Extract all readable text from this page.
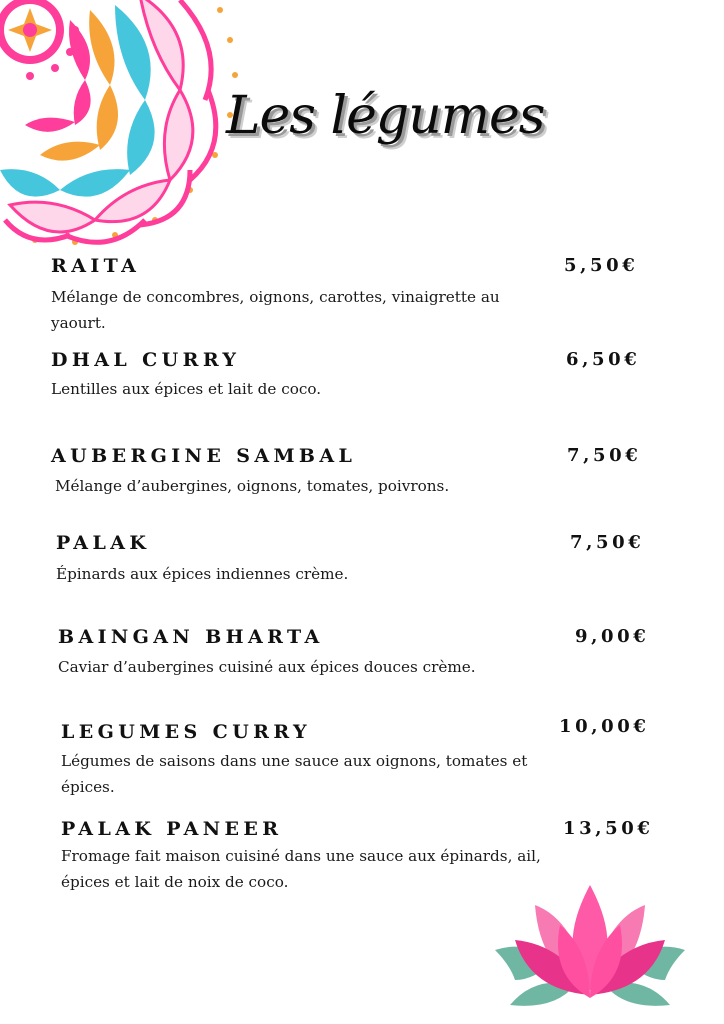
Les légumes
RAITA	5,50€
Mélange de concombres, oignons, carottes, vinaigrette au yaourt.
DHAL CURRY	6,50€
Lentilles aux épices et lait de coco.
AUBERGINE SAMBAL	7,50€
Mélange d’aubergines, oignons, tomates, poivrons.
PALAK	7,50€
Épinards aux épices indiennes crème.
BAINGAN BHARTA	9,00€
Caviar d’aubergines cuisiné aux épices douces crème.
LEGUMES CURRY	10,00€
Légumes de saisons dans une sauce aux oignons, tomates et épices.
PALAK PANEER	13,50€
Fromage fait maison cuisiné dans une sauce aux épinards, ail, épices et lait de noix de coco.
